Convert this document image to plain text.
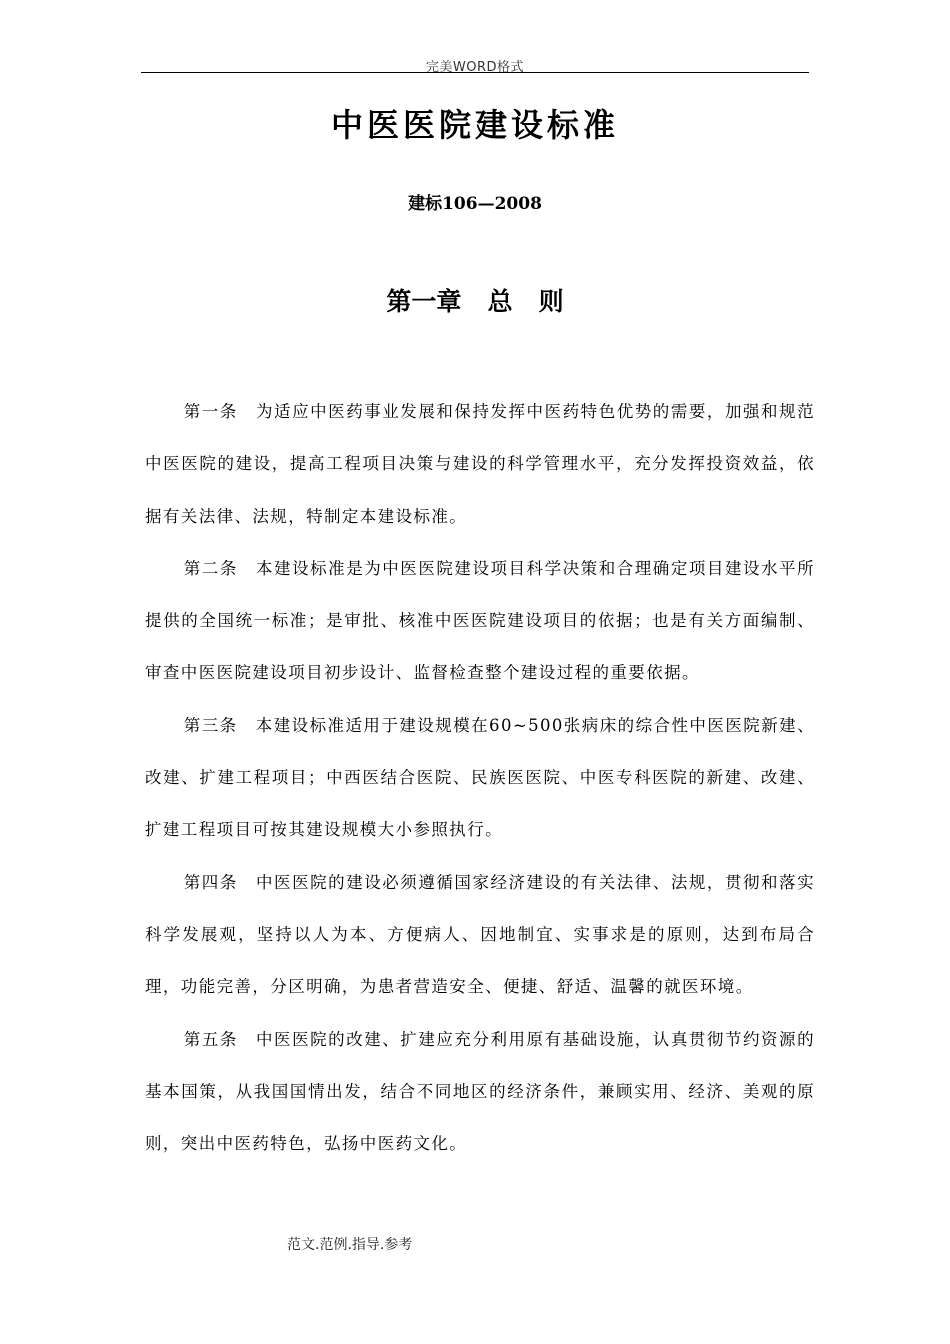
完美WORD格式
中医医院建设标准
建标106—2008
第一章   总   则

第一条 为适应中医药事业发展和保持发挥中医药特色优势的需要，加强和规范中医医院的建设，提高工程项目决策与建设的科学管理水平，充分发挥投资效益，依据有关法律、法规，特制定本建设标准。

第二条 本建设标准是为中医医院建设项目科学决策和合理确定项目建设水平所提供的全国统一标准；是审批、核准中医医院建设项目的依据；也是有关方面编制、审查中医医院建设项目初步设计、监督检查整个建设过程的重要依据。

第三条 本建设标准适用于建设规模在60~500张病床的综合性中医医院新建、改建、扩建工程项目；中西医结合医院、民族医医院、中医专科医院的新建、改建、扩建工程项目可按其建设规模大小参照执行。

第四条 中医医院的建设必须遵循国家经济建设的有关法律、法规，贯彻和落实科学发展观，坚持以人为本、方便病人、因地制宜、实事求是的原则，达到布局合理，功能完善，分区明确，为患者营造安全、便捷、舒适、温馨的就医环境。

第五条 中医医院的改建、扩建应充分利用原有基础设施，认真贯彻节约资源的基本国策，从我国国情出发，结合不同地区的经济条件，兼顾实用、经济、美观的原则，突出中医药特色，弘扬中医药文化。

范文.范例.指导.参考
